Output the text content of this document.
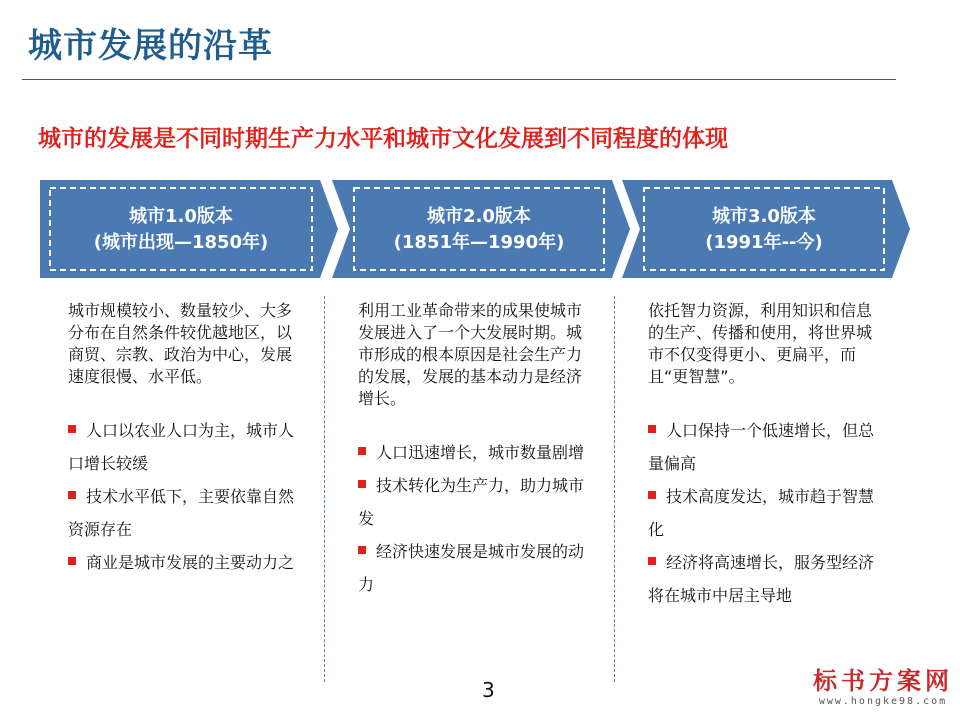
城市发展的沿革
城市的发展是不同时期生产力水平和城市文化发展到不同程度的体现
城市1.0版本
(城市出现—1850年)
城市2.0版本
(1851年—1990年)
城市3.0版本
(1991年--今)

城市规模较小、数量较少、大多分布在自然条件较优越地区，以商贸、宗教、政治为中心，发展速度很慢、水平低。

人口以农业人口为主，城市人口增长较缓
技术水平低下，主要依靠自然资源存在
商业是城市发展的主要动力之

利用工业革命带来的成果使城市发展进入了一个大发展时期。城市形成的根本原因是社会生产力的发展，发展的基本动力是经济增长。

人口迅速增长，城市数量剧增
技术转化为生产力，助力城市发
经济快速发展是城市发展的动力

依托智力资源，利用知识和信息的生产、传播和使用，将世界城市不仅变得更小、更扁平，而且“更智慧”。

人口保持一个低速增长，但总量偏高
技术高度发达，城市趋于智慧化
经济将高速增长，服务型经济将在城市中居主导地
3	标书方案网
www.hongke98.com
